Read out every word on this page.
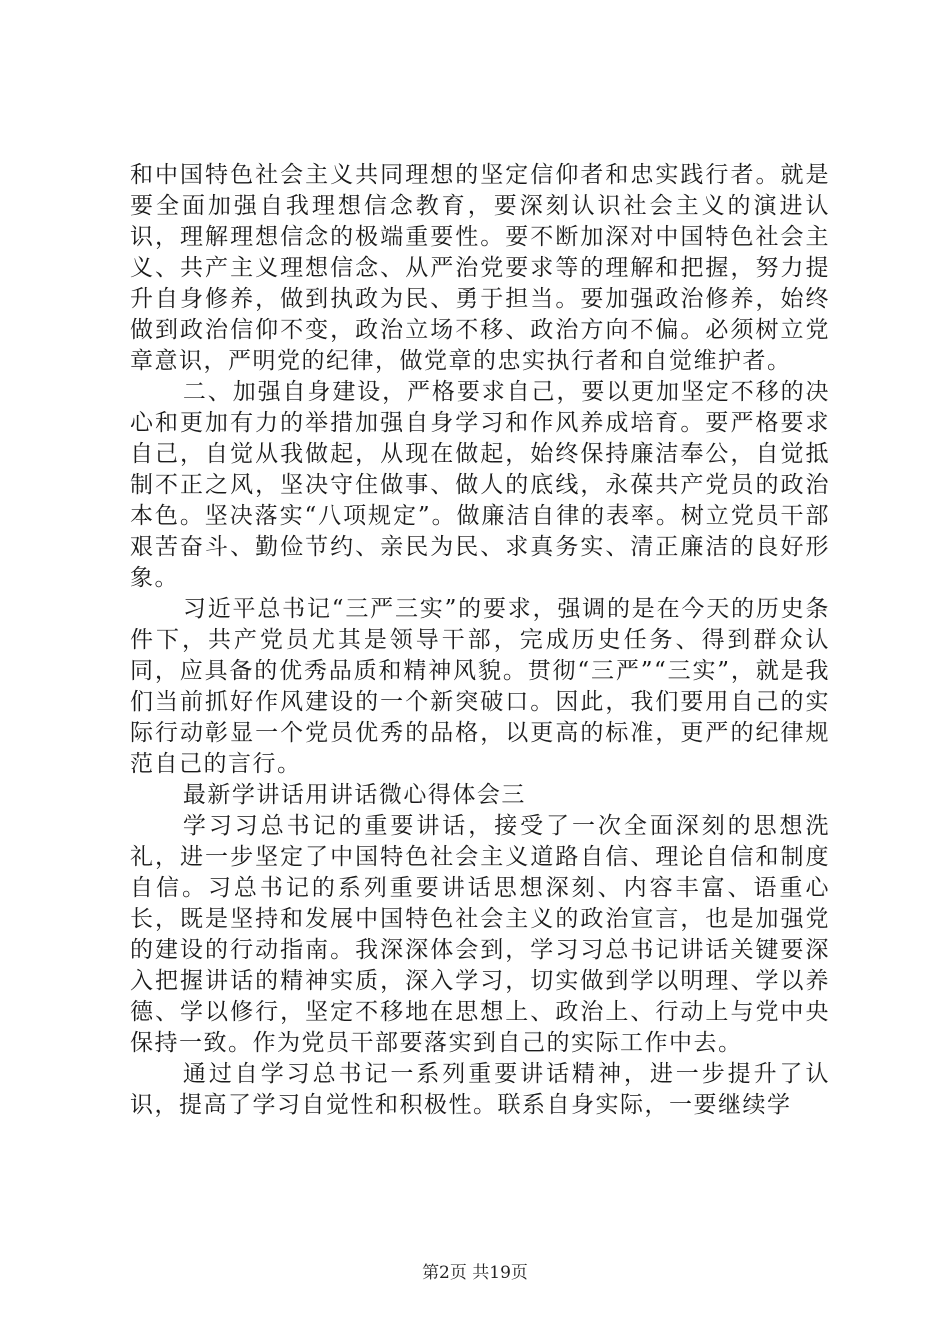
和中国特色社会主义共同理想的坚定信仰者和忠实践行者。就是要全面加强自我理想信念教育，要深刻认识社会主义的演进认识，理解理想信念的极端重要性。要不断加深对中国特色社会主义、共产主义理想信念、从严治党要求等的理解和把握，努力提升自身修养，做到执政为民、勇于担当。要加强政治修养，始终做到政治信仰不变，政治立场不移、政治方向不偏。必须树立党章意识，严明党的纪律，做党章的忠实执行者和自觉维护者。

二、加强自身建设，严格要求自己，要以更加坚定不移的决心和更加有力的举措加强自身学习和作风养成培育。要严格要求自己，自觉从我做起，从现在做起，始终保持廉洁奉公，自觉抵制不正之风，坚决守住做事、做人的底线，永葆共产党员的政治本色。坚决落实“八项规定”。做廉洁自律的表率。树立党员干部艰苦奋斗、勤俭节约、亲民为民、求真务实、清正廉洁的良好形象。

习近平总书记“三严三实”的要求，强调的是在今天的历史条件下，共产党员尤其是领导干部，完成历史任务、得到群众认同，应具备的优秀品质和精神风貌。贯彻“三严”“三实”，就是我们当前抓好作风建设的一个新突破口。因此，我们要用自己的实际行动彰显一个党员优秀的品格，以更高的标准，更严的纪律规范自己的言行。

最新学讲话用讲话微心得体会三

学习习总书记的重要讲话，接受了一次全面深刻的思想洗礼，进一步坚定了中国特色社会主义道路自信、理论自信和制度自信。习总书记的系列重要讲话思想深刻、内容丰富、语重心长，既是坚持和发展中国特色社会主义的政治宣言，也是加强党的建设的行动指南。我深深体会到，学习习总书记讲话关键要深入把握讲话的精神实质，深入学习，切实做到学以明理、学以养德、学以修行，坚定不移地在思想上、政治上、行动上与党中央保持一致。作为党员干部要落实到自己的实际工作中去。

通过自学习总书记一系列重要讲话精神，进一步提升了认识，提高了学习自觉性和积极性。联系自身实际，一要继续学

第2页 共19页
